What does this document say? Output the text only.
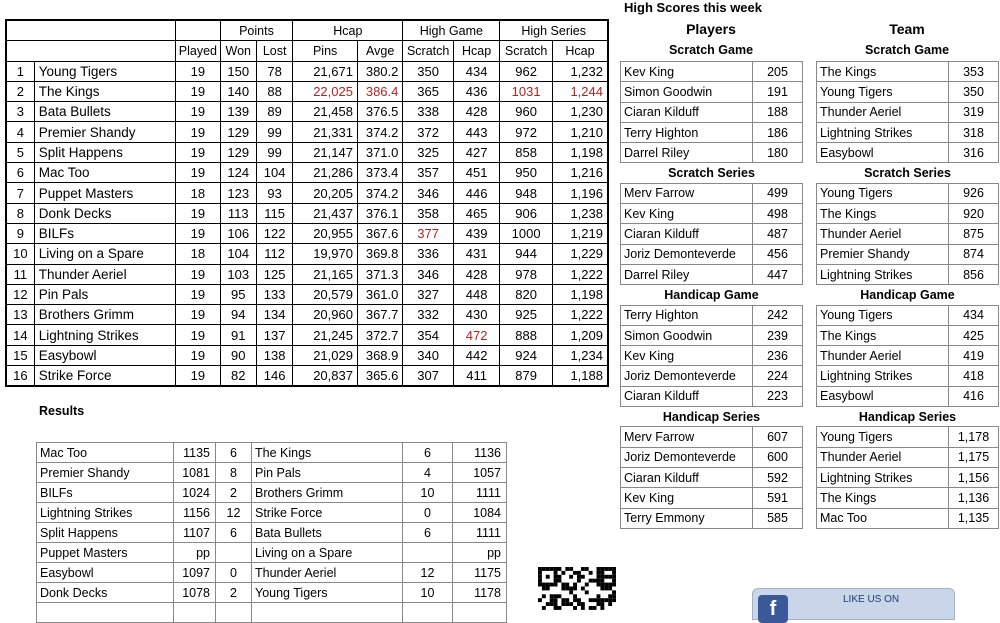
			Points		Hcap		High Game		High Series	
		Played	Won	Lost	Pins	Avge	Scratch	Hcap	Scratch	Hcap
1	Young Tigers	19	150	78	21,671	380.2	350	434	962	1,232
2	The Kings	19	140	88	22,025	386.4	365	436	1031	1,244
3	Bata Bullets	19	139	89	21,458	376.5	338	428	960	1,230
4	Premier Shandy	19	129	99	21,331	374.2	372	443	972	1,210
5	Split Happens	19	129	99	21,147	371.0	325	427	858	1,198
6	Mac Too	19	124	104	21,286	373.4	357	451	950	1,216
7	Puppet Masters	18	123	93	20,205	374.2	346	446	948	1,196
8	Donk Decks	19	113	115	21,437	376.1	358	465	906	1,238
9	BILFs	19	106	122	20,955	367.6	377	439	1000	1,219
10	Living on a Spare	18	104	112	19,970	369.8	336	431	944	1,229
11	Thunder Aeriel	19	103	125	21,165	371.3	346	428	978	1,222
12	Pin Pals	19	95	133	20,579	361.0	327	448	820	1,198
13	Brothers Grimm	19	94	134	20,960	367.7	332	430	925	1,222
14	Lightning Strikes	19	91	137	21,245	372.7	354	472	888	1,209
15	Easybowl	19	90	138	21,029	368.9	340	442	924	1,234
16	Strike Force	19	82	146	20,837	365.6	307	411	879	1,188
Results
Mac Too	1135	6	The Kings	6	1136
Premier Shandy	1081	8	Pin Pals	4	1057
BILFs	1024	2	Brothers Grimm	10	1111
Lightning Strikes	1156	12	Strike Force	0	1084
Split Happens	1107	6	Bata Bullets	6	1111
Puppet Masters	pp		Living on a Spare		pp
Easybowl	1097	0	Thunder Aeriel	12	1175
Donk Decks	1078	2	Young Tigers	10	1178

High Scores this week
Players	Team
Kev King	205
Simon Goodwin	191
Ciaran Kilduff	188
Terry Highton	186
Darrel Riley	180
Scratch Series	
Merv Farrow	499
Kev King	498
Ciaran Kilduff	487
Joriz Demonteverde	456
Darrel Riley	447
Handicap Game	
Terry Highton	242
Simon Goodwin	239
Kev King	236
Joriz Demonteverde	224
Ciaran Kilduff	223
Handicap Series	
Merv Farrow	607
Joriz Demonteverde	600
Ciaran Kilduff	592
Kev King	591
Terry Emmony	585
The Kings	353
Young Tigers	350
Thunder Aeriel	319
Lightning Strikes	318
Easybowl	316
Scratch Series	
Young Tigers	926
The Kings	920
Thunder Aeriel	875
Premier Shandy	874
Lightning Strikes	856
Handicap Game	
Young Tigers	434
The Kings	425
Thunder Aeriel	419
Lightning Strikes	418
Easybowl	416
Handicap Series	
Young Tigers	1,178
Thunder Aeriel	1,175
Lightning Strikes	1,156
The Kings	1,136
Mac Too	1,135
f	LIKE US ON
Scratch Game	Scratch Game
